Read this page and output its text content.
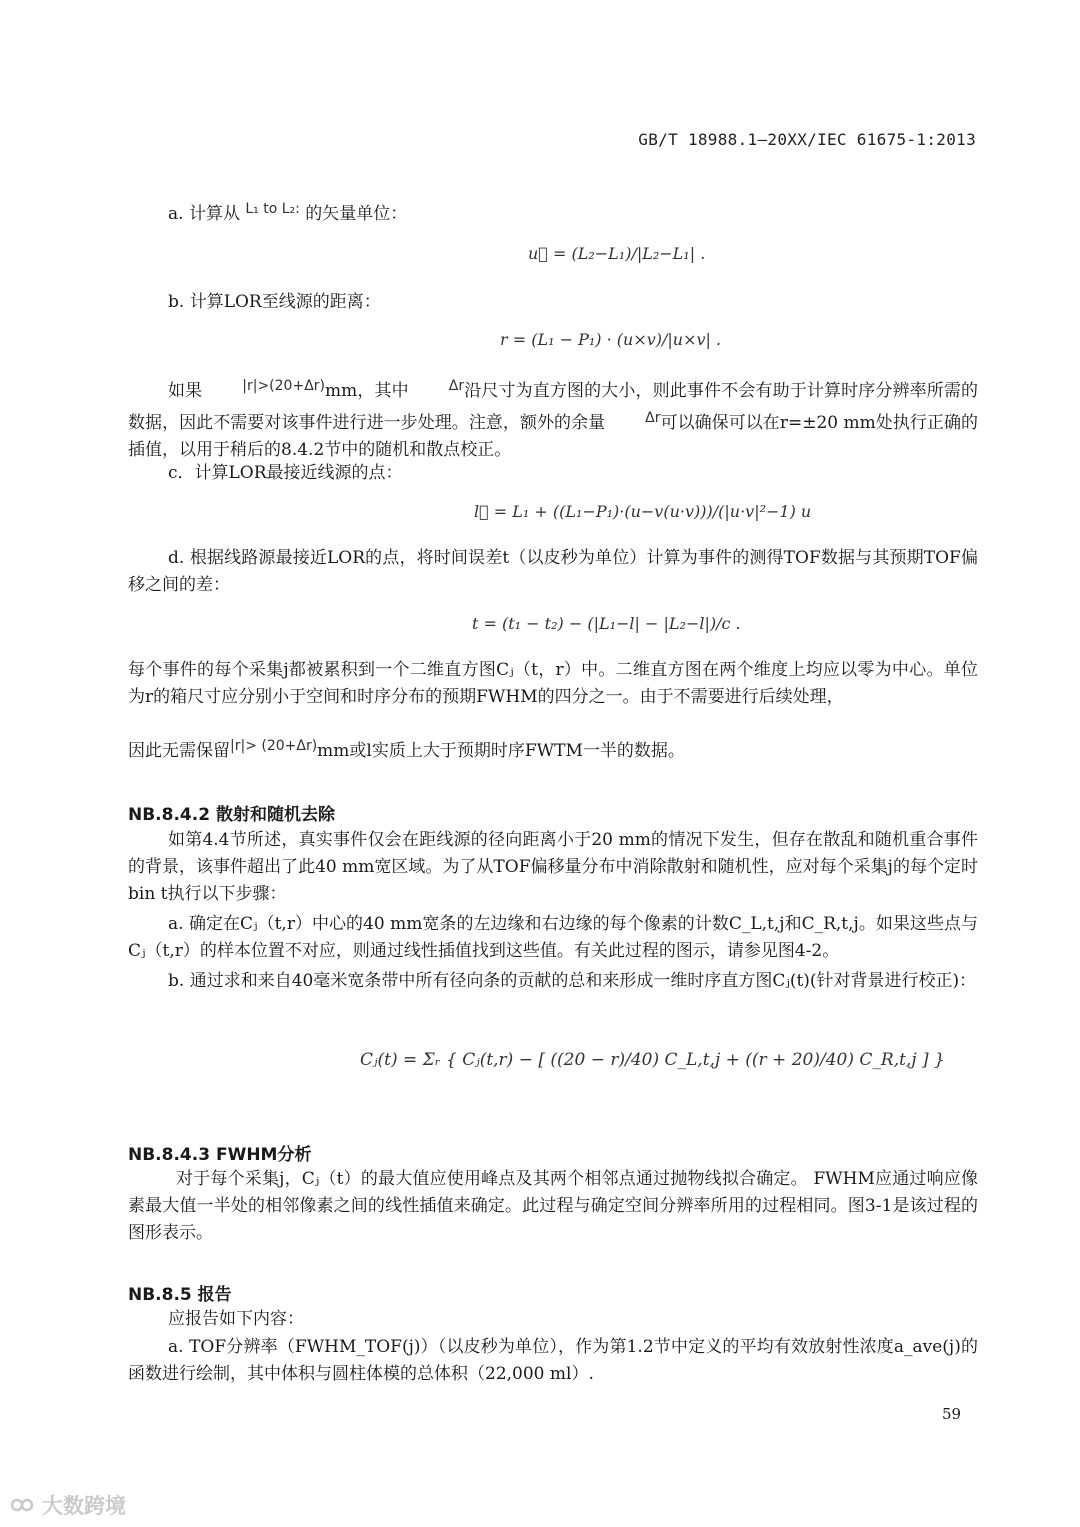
GB/T 18988.1—20XX/IEC 61675-1:2013
a. 计算从 L₁ to L₂: 的矢量单位：
u⃗ = (L₂−L₁)/|L₂−L₁| .
b. 计算LOR至线源的距离：
r = (L₁ − P₁) · (u×v)/|u×v| .
如果	|r|>(20+Δr)mm，其中	Δr沿尺寸为直方图的大小，则此事件不会有助于计算时序分辨率所需的数据，因此不需要对该事件进行进一步处理。注意，额外的余量	Δr可以确保可以在r=±20 mm处执行正确的插值，以用于稍后的8.4.2节中的随机和散点校正。
c．计算LOR最接近线源的点：
l⃗ = L₁ + ((L₁−P₁)·(u−v(u·v)))/(|u·v|²−1) u
d. 根据线路源最接近LOR的点，将时间误差t（以皮秒为单位）计算为事件的测得TOF数据与其预期TOF偏移之间的差：
t = (t₁ − t₂) − (|L₁−l| − |L₂−l|)/c .
每个事件的每个采集j都被累积到一个二维直方图Cⱼ（t，r）中。二维直方图在两个维度上均应以零为中心。单位为r的箱尺寸应分别小于空间和时序分布的预期FWHM的四分之一。由于不需要进行后续处理，
因此无需保留|r|> (20+Δr)mm或l实质上大于预期时序FWTM一半的数据。
NB.8.4.2 散射和随机去除
如第4.4节所述，真实事件仅会在距线源的径向距离小于20 mm的情况下发生，但存在散乱和随机重合事件的背景，该事件超出了此40 mm宽区域。为了从TOF偏移量分布中消除散射和随机性，应对每个采集j的每个定时bin t执行以下步骤：
a. 确定在Cⱼ（t,r）中心的40 mm宽条的左边缘和右边缘的每个像素的计数C_L,t,j和C_R,t,j。如果这些点与Cⱼ（t,r）的样本位置不对应，则通过线性插值找到这些值。有关此过程的图示，请参见图4-2。
b. 通过求和来自40毫米宽条带中所有径向条的贡献的总和来形成一维时序直方图Cⱼ(t)(针对背景进行校正)：
Cⱼ(t) = Σᵣ { Cⱼ(t,r) − [ ((20 − r)/40) C_L,t,j + ((r + 20)/40) C_R,t,j ] }
NB.8.4.3 FWHM分析
对于每个采集j，Cⱼ（t）的最大值应使用峰点及其两个相邻点通过抛物线拟合确定。 FWHM应通过响应像素最大值一半处的相邻像素之间的线性插值来确定。此过程与确定空间分辨率所用的过程相同。图3-1是该过程的图形表示。
NB.8.5 报告
应报告如下内容：
a. TOF分辨率（FWHM_TOF(j)）（以皮秒为单位），作为第1.2节中定义的平均有效放射性浓度a_ave(j)的函数进行绘制，其中体积与圆柱体模的总体积（22,000 ml）.
59
大数跨境
